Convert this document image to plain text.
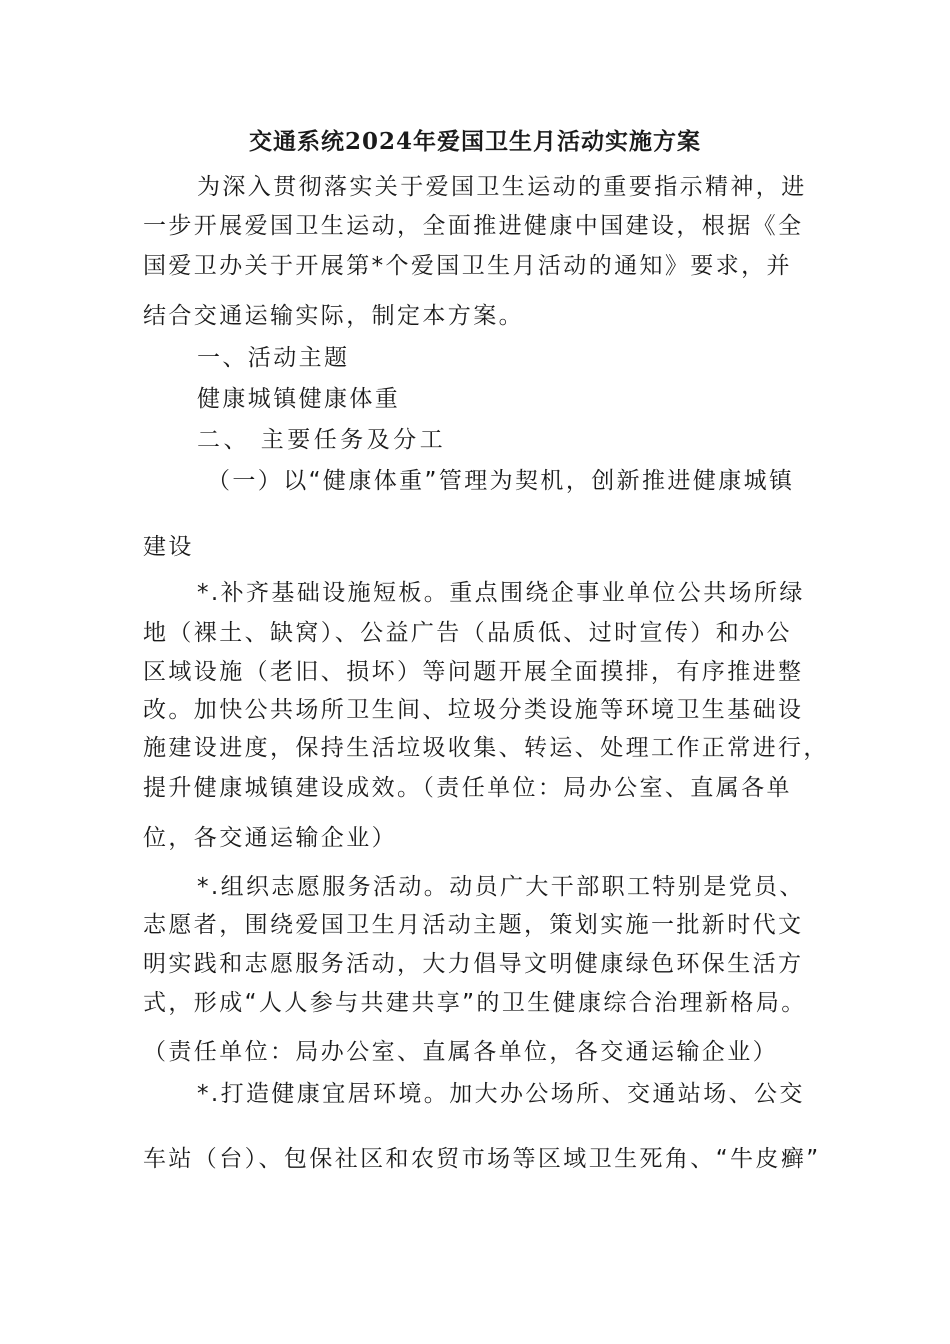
交通系统2024年爱国卫生月活动实施方案
为深入贯彻落实关于爱国卫生运动的重要指示精神，进
一步开展爱国卫生运动，全面推进健康中国建设，根据《全
国爱卫办关于开展第*个爱国卫生月活动的通知》要求，并
结合交通运输实际，制定本方案。
一、活动主题
健康城镇健康体重
二、 主要任务及分工
（一）以“健康体重”管理为契机，创新推进健康城镇
建设
*.补齐基础设施短板。重点围绕企事业单位公共场所绿
地（裸土、缺窝）、公益广告（品质低、过时宣传）和办公
区域设施（老旧、损坏）等问题开展全面摸排，有序推进整
改。加快公共场所卫生间、垃圾分类设施等环境卫生基础设
施建设进度，保持生活垃圾收集、转运、处理工作正常进行，
提升健康城镇建设成效。（责任单位：局办公室、直属各单
位，各交通运输企业）
*.组织志愿服务活动。动员广大干部职工特别是党员、
志愿者，围绕爱国卫生月活动主题，策划实施一批新时代文
明实践和志愿服务活动，大力倡导文明健康绿色环保生活方
式，形成“人人参与共建共享”的卫生健康综合治理新格局。
（责任单位：局办公室、直属各单位，各交通运输企业）
*.打造健康宜居环境。加大办公场所、交通站场、公交
车站（台）、包保社区和农贸市场等区域卫生死角、“牛皮癣”
